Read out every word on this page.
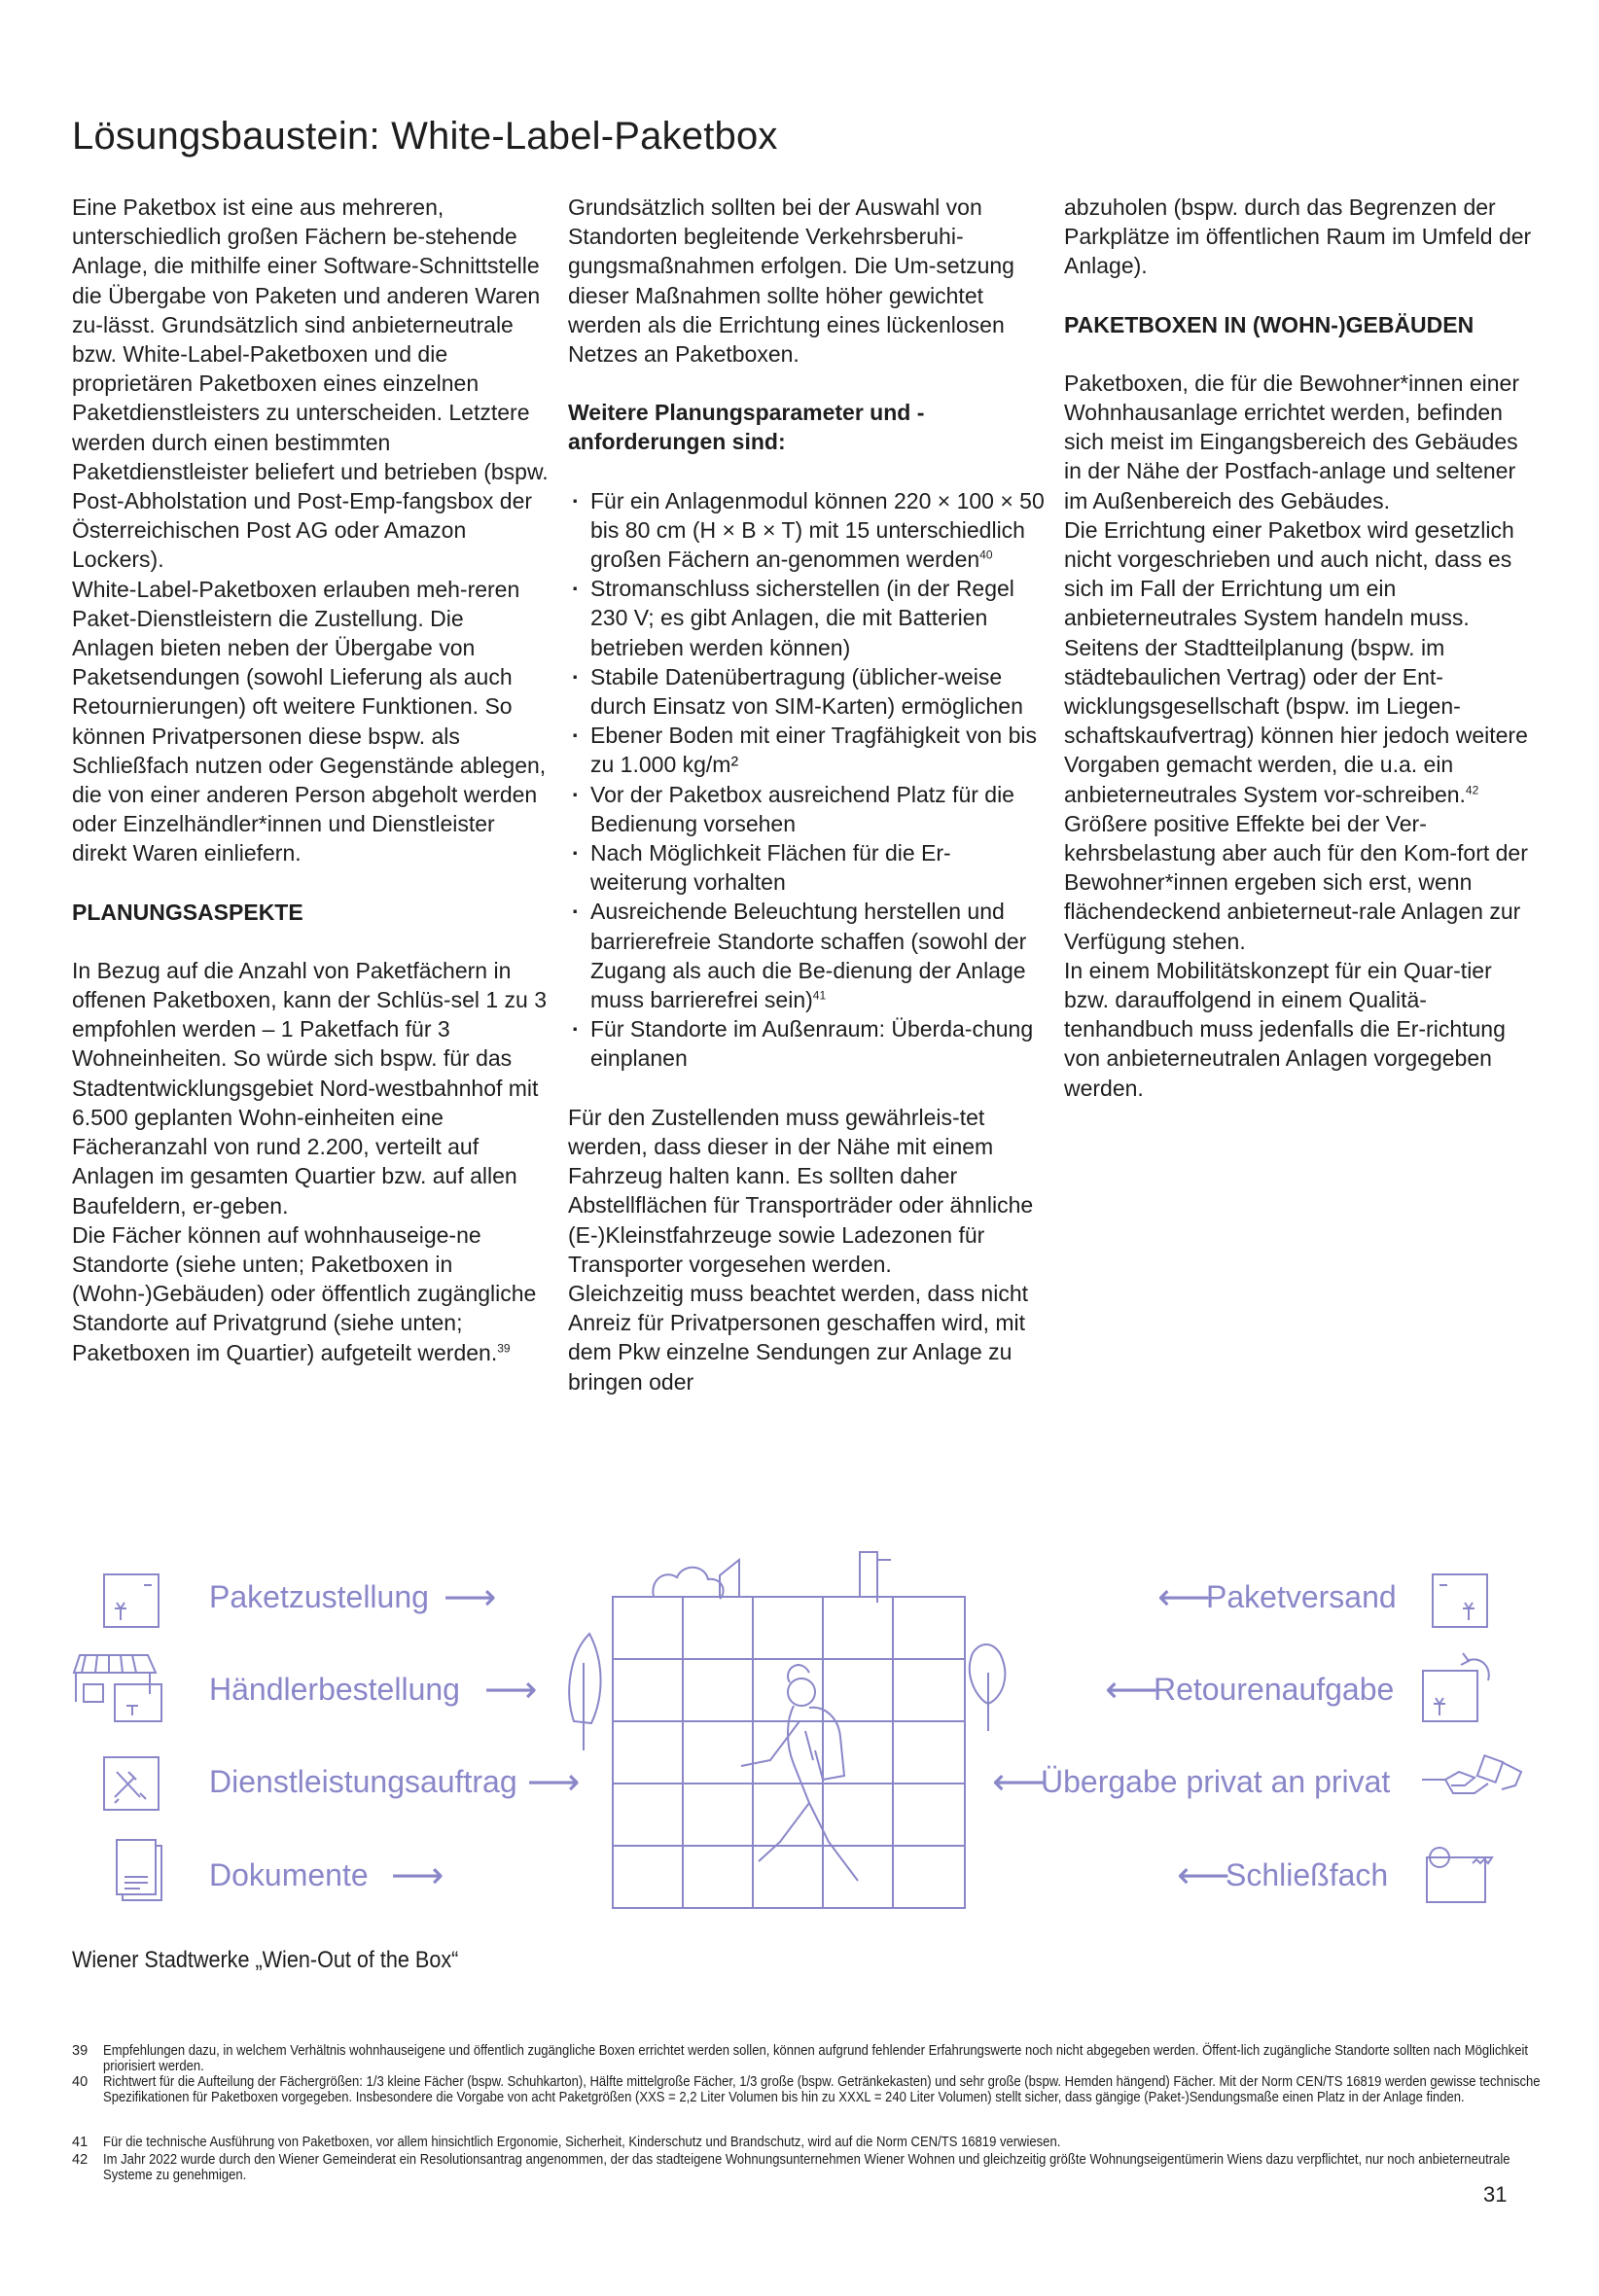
Lösungsbaustein: White-Label-Paketbox

Eine Paketbox ist eine aus mehreren, unterschiedlich großen Fächern be-stehende Anlage, die mithilfe einer Software-Schnittstelle die Übergabe von Paketen und anderen Waren zu-lässt. Grundsätzlich sind anbieterneutrale bzw. White-Label-Paketboxen und die proprietären Paketboxen eines einzelnen Paketdienstleisters zu unterscheiden. Letztere werden durch einen bestimmten Paketdienstleister beliefert und betrieben (bspw. Post-Abholstation und Post-Emp-fangsbox der Österreichischen Post AG oder Amazon Lockers).

White-Label-Paketboxen erlauben meh-reren Paket-Dienstleistern die Zustellung. Die Anlagen bieten neben der Übergabe von Paketsendungen (sowohl Lieferung als auch Retournierungen) oft weitere Funktionen. So können Privatpersonen diese bspw. als Schließfach nutzen oder Gegenstände ablegen, die von einer anderen Person abgeholt werden oder Einzelhändler*innen und Dienstleister direkt Waren einliefern.

PLANUNGSASPEKTE

In Bezug auf die Anzahl von Paketfächern in offenen Paketboxen, kann der Schlüs-sel 1 zu 3 empfohlen werden – 1 Paketfach für 3 Wohneinheiten. So würde sich bspw. für das Stadtentwicklungsgebiet Nord-westbahnhof mit 6.500 geplanten Wohn-einheiten eine Fächeranzahl von rund 2.200, verteilt auf Anlagen im gesamten Quartier bzw. auf allen Baufeldern, er-geben.

Die Fächer können auf wohnhauseige-ne Standorte (siehe unten; Paketboxen in (Wohn-)Gebäuden) oder öffentlich zugängliche Standorte auf Privatgrund (siehe unten; Paketboxen im Quartier) aufgeteilt werden.$^{39}$

Grundsätzlich sollten bei der Auswahl von Standorten begleitende Verkehrsberuhi-gungsmaßnahmen erfolgen. Die Um-setzung dieser Maßnahmen sollte höher gewichtet werden als die Errichtung eines lückenlosen Netzes an Paketboxen.

Weitere Planungsparameter und -anforderungen sind:
· Für ein Anlagenmodul können 220 × 100 × 50 bis 80 cm (H × B × T) mit 15 unterschiedlich großen Fächern an-genommen werden$^{40}$
· Stromanschluss sicherstellen (in der Regel 230 V; es gibt Anlagen, die mit Batterien betrieben werden können)
· Stabile Datenübertragung (üblicher-weise durch Einsatz von SIM-Karten) ermöglichen
· Ebener Boden mit einer Tragfähigkeit von bis zu 1.000 kg/m²
· Vor der Paketbox ausreichend Platz für die Bedienung vorsehen
· Nach Möglichkeit Flächen für die Er-weiterung vorhalten
· Ausreichende Beleuchtung herstellen und barrierefreie Standorte schaffen (sowohl der Zugang als auch die Be-dienung der Anlage muss barrierefrei sein)$^{41}$
· Für Standorte im Außenraum: Überda-chung einplanen

Für den Zustellenden muss gewährleis-tet werden, dass dieser in der Nähe mit einem Fahrzeug halten kann. Es sollten daher Abstellflächen für Transporträder oder ähnliche (E-)Kleinstfahrzeuge sowie Ladezonen für Transporter vorgesehen werden.

Gleichzeitig muss beachtet werden, dass nicht Anreiz für Privatpersonen geschaffen wird, mit dem Pkw einzelne Sendungen zur Anlage zu bringen oder

abzuholen (bspw. durch das Begrenzen der Parkplätze im öffentlichen Raum im Umfeld der Anlage).

PAKETBOXEN IN (WOHN-)GEBÄUDEN

Paketboxen, die für die Bewohner*innen einer Wohnhausanlage errichtet werden, befinden sich meist im Eingangsbereich des Gebäudes in der Nähe der Postfach-anlage und seltener im Außenbereich des Gebäudes.

Die Errichtung einer Paketbox wird gesetzlich nicht vorgeschrieben und auch nicht, dass es sich im Fall der Errichtung um ein anbieterneutrales System handeln muss. Seitens der Stadtteilplanung (bspw. im städtebaulichen Vertrag) oder der Ent-wicklungsgesellschaft (bspw. im Liegen-schaftskaufvertrag) können hier jedoch weitere Vorgaben gemacht werden, die u.a. ein anbieterneutrales System vor-schreiben.$^{42}$

Größere positive Effekte bei der Ver-kehrsbelastung aber auch für den Kom-fort der Bewohner*innen ergeben sich erst, wenn flächendeckend anbieterneut-rale Anlagen zur Verfügung stehen.

In einem Mobilitätskonzept für ein Quar-tier bzw. darauffolgend in einem Qualitä-tenhandbuch muss jedenfalls die Er-richtung von anbieterneutralen Anlagen vorgegeben werden.

Paketzustellung ⟶
Händlerbestellung ⟶
Dienstleistungsauftrag ⟶
Dokumente ⟶
⟵
Paketversand
⟵
Retourenaufgabe
⟵
Übergabe privat an privat
⟵
Schließfach
Wiener Stadtwerke „Wien-Out of the Box“
39 Empfehlungen dazu, in welchem Verhältnis wohnhauseigene und öffentlich zugängliche Boxen errichtet werden sollen, können aufgrund fehlender Erfahrungswerte noch nicht abgegeben werden. Öffent-lich zugängliche Standorte sollten nach Möglichkeit priorisiert werden.
40 Richtwert für die Aufteilung der Fächergrößen: 1/3 kleine Fächer (bspw. Schuhkarton), Hälfte mittelgroße Fächer, 1/3 große (bspw. Getränkekasten) und sehr große (bspw. Hemden hängend) Fächer. Mit der Norm CEN/TS 16819 werden gewisse technische Spezifikationen für Paketboxen vorgegeben. Insbesondere die Vorgabe von acht Paketgrößen (XXS = 2,2 Liter Volumen bis hin zu XXXL = 240 Liter Volumen) stellt sicher, dass gängige (Paket-)Sendungsmaße einen Platz in der Anlage finden.
41 Für die technische Ausführung von Paketboxen, vor allem hinsichtlich Ergonomie, Sicherheit, Kinderschutz und Brandschutz, wird auf die Norm CEN/TS 16819 verwiesen.
42 Im Jahr 2022 wurde durch den Wiener Gemeinderat ein Resolutionsantrag angenommen, der das stadteigene Wohnungsunternehmen Wiener Wohnen und gleichzeitig größte Wohnungseigentümerin Wiens dazu verpflichtet, nur noch anbieterneutrale Systeme zu genehmigen.
31
